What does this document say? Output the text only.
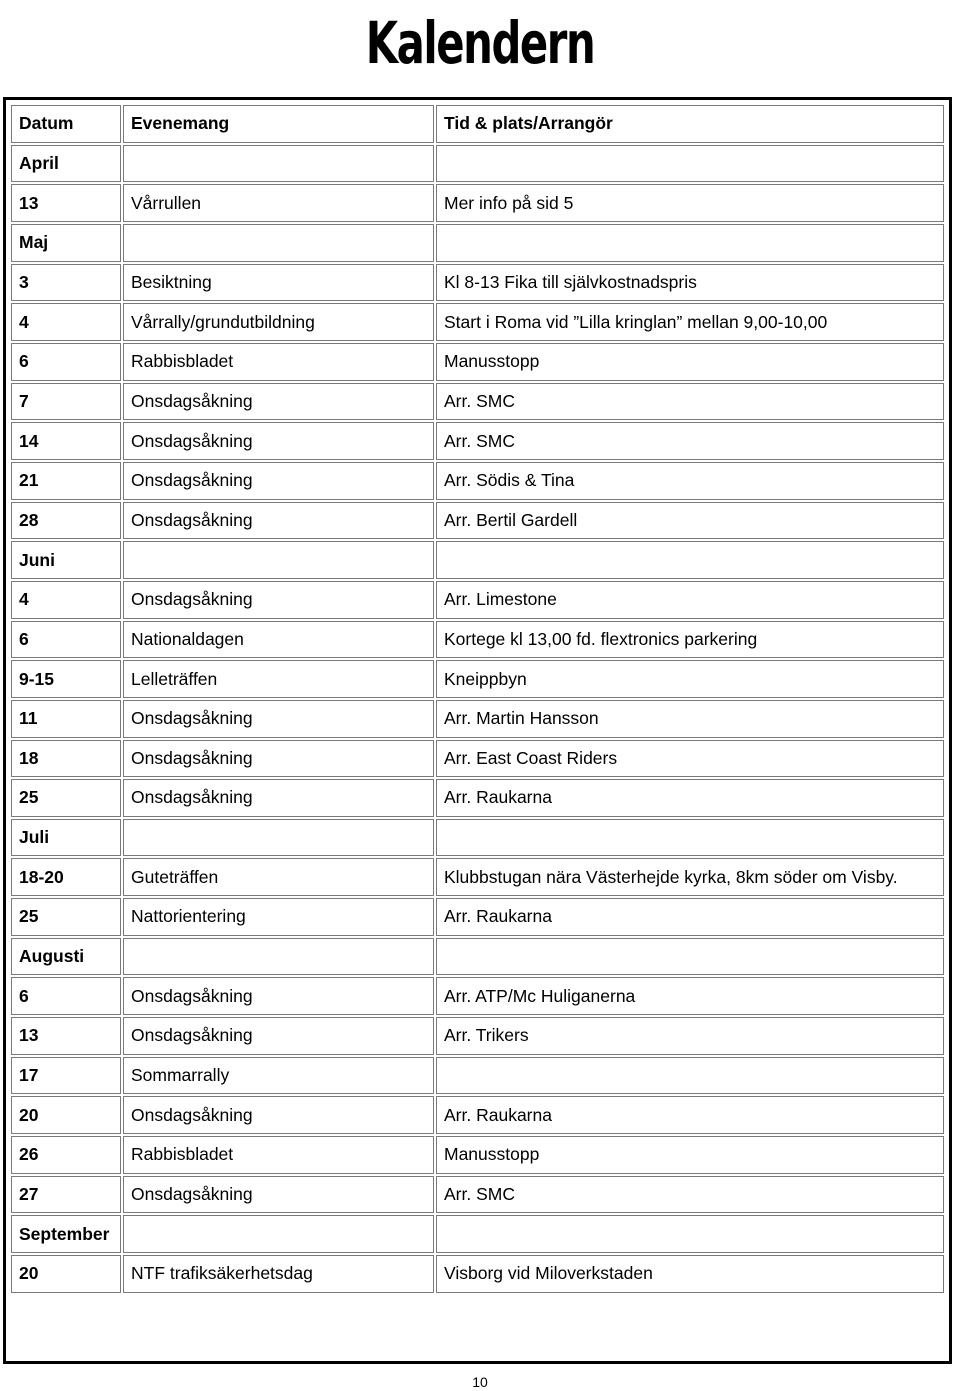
Kalendern
Datum	Evenemang	Tid & plats/Arrangör
April		
13	Vårrullen	Mer info på sid 5
Maj		
3	Besiktning	Kl 8-13 Fika till självkostnadspris
4	Vårrally/grundutbildning	Start i Roma vid ”Lilla kringlan” mellan 9,00-10,00
6	Rabbisbladet	Manusstopp
7	Onsdagsåkning	Arr. SMC
14	Onsdagsåkning	Arr. SMC
21	Onsdagsåkning	Arr. Södis & Tina
28	Onsdagsåkning	Arr. Bertil Gardell
Juni		
4	Onsdagsåkning	Arr. Limestone
6	Nationaldagen	Kortege kl 13,00 fd. flextronics parkering
9-15	Lelleträffen	Kneippbyn
11	Onsdagsåkning	Arr. Martin Hansson
18	Onsdagsåkning	Arr. East Coast Riders
25	Onsdagsåkning	Arr. Raukarna
Juli		
18-20	Guteträffen	Klubbstugan nära Västerhejde kyrka, 8km söder om Visby.
25	Nattorientering	Arr. Raukarna
Augusti		
6	Onsdagsåkning	Arr. ATP/Mc Huliganerna
13	Onsdagsåkning	Arr. Trikers
17	Sommarrally	
20	Onsdagsåkning	Arr. Raukarna
26	Rabbisbladet	Manusstopp
27	Onsdagsåkning	Arr. SMC
September		
20	NTF trafiksäkerhetsdag	Visborg vid Miloverkstaden
10
